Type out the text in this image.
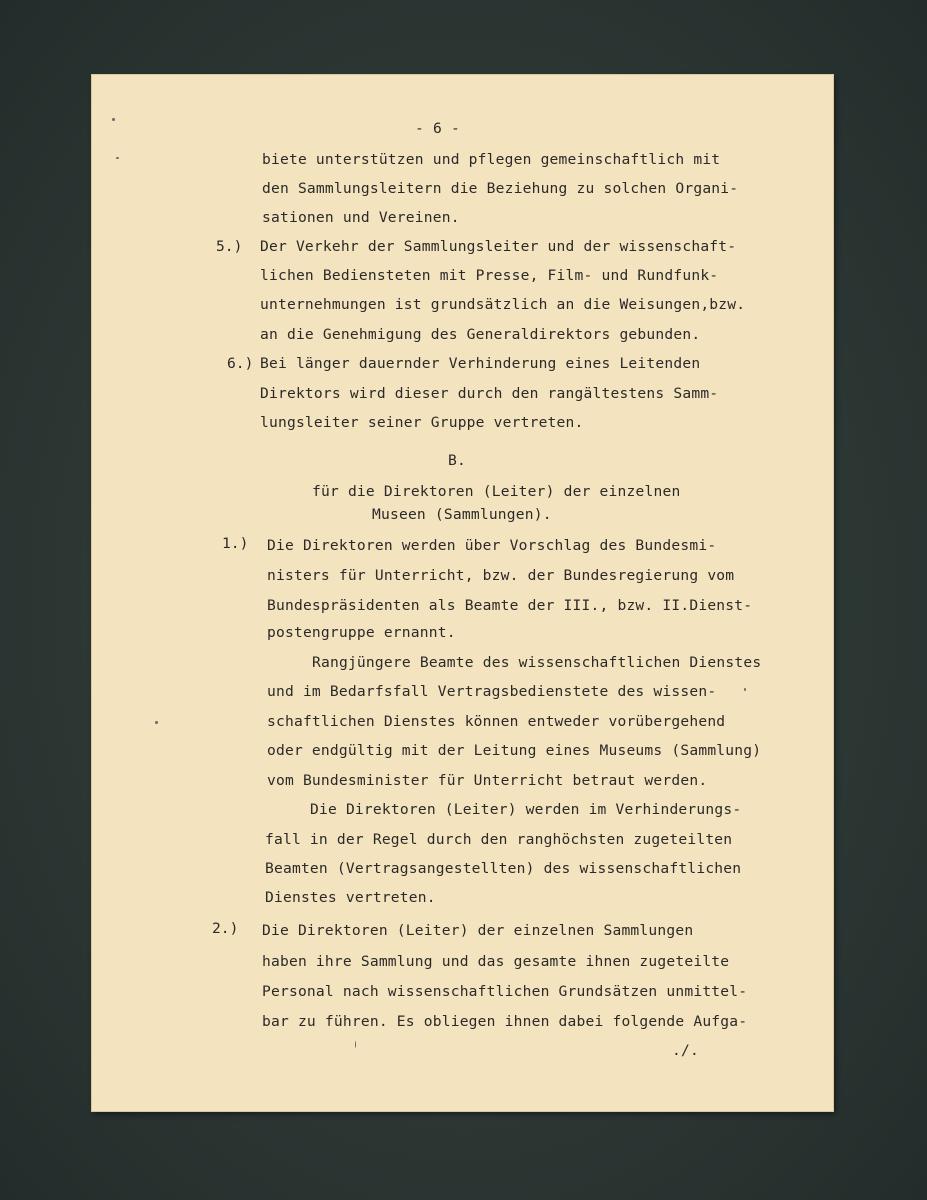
- 6 -
biete unterstützen und pflegen gemeinschaftlich mit
den Sammlungsleitern die Beziehung zu solchen Organi-
sationen und Vereinen.
5.) Der Verkehr der Sammlungsleiter und der wissenschaft-
lichen Bediensteten mit Presse, Film- und Rundfunk-
unternehmungen ist grundsätzlich an die Weisungen,bzw.
an die Genehmigung des Generaldirektors gebunden.
6.) Bei länger dauernder Verhinderung eines Leitenden
Direktors wird dieser durch den rangältestens Samm-
lungsleiter seiner Gruppe vertreten.
B.
für die Direktoren (Leiter) der einzelnen
Museen (Sammlungen).
1.) Die Direktoren werden über Vorschlag des Bundesmi-
nisters für Unterricht, bzw. der Bundesregierung vom
Bundespräsidenten als Beamte der III., bzw. II.Dienst-
postengruppe ernannt.
Rangjüngere Beamte des wissenschaftlichen Dienstes
und im Bedarfsfall Vertragsbedienstete des wissen-
schaftlichen Dienstes können entweder vorübergehend
oder endgültig mit der Leitung eines Museums (Sammlung)
vom Bundesminister für Unterricht betraut werden.
Die Direktoren (Leiter) werden im Verhinderungs-
fall in der Regel durch den ranghöchsten zugeteilten
Beamten (Vertragsangestellten) des wissenschaftlichen
Dienstes vertreten.
2.) Die Direktoren (Leiter) der einzelnen Sammlungen
haben ihre Sammlung und das gesamte ihnen zugeteilte
Personal nach wissenschaftlichen Grundsätzen unmittel-
bar zu führen. Es obliegen ihnen dabei folgende Aufga-
./.
